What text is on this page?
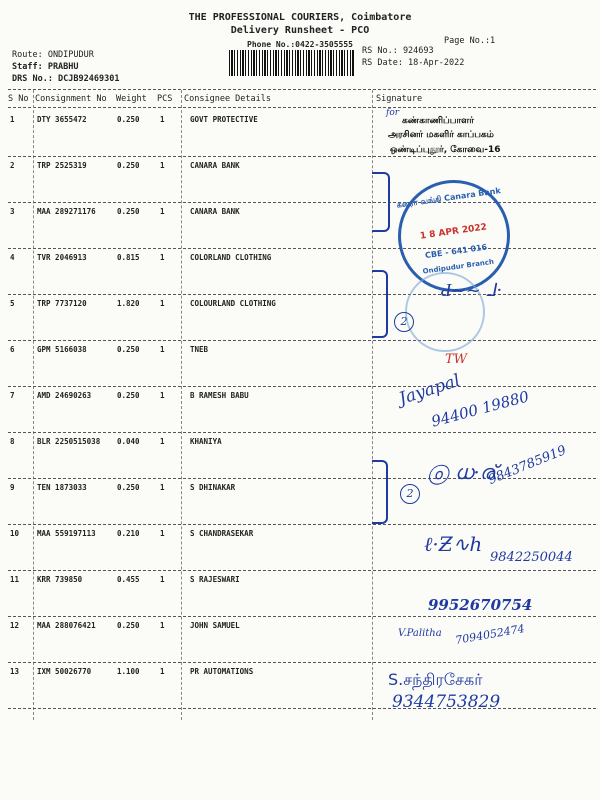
THE PROFESSIONAL COURIERS, Coimbatore
Delivery Runsheet - PCO
Phone No.:0422-3505555	Page No.:1
Route: ONDIPUDUR
Staff: PRABHU
DRS No.: DCJB92469301
RS No.: 924693
RS Date: 18-Apr-2022
S No Consignment No Weight PCS Consignee Details	Signature
1	DTY 3655472	0.250	1	GOVT PROTECTIVE
2	TRP 2525319	0.250	1	CANARA BANK
3	MAA 289271176	0.250	1	CANARA BANK
4	TVR 2046913	0.815	1	COLORLAND CLOTHING
5	TRP 7737120	1.820	1	COLOURLAND CLOTHING
6	GPM 5166038	0.250	1	TNEB
7	AMD 24690263	0.250	1	B RAMESH BABU
8	BLR 2250515038 0.040	1	KHANIYA
9	TEN 1873033	0.250	1	S DHINAKAR
10 MAA 559197113	0.210	1	S CHANDRASEKAR
11 KRR 739850	0.455	1	S RAJESWARI
12 MAA 288076421	0.250	1	JOHN SAMUEL
13 IXM 50026770	1.100	1	PR AUTOMATIONS
கனரா வங்கி Canara Bank
1 8 APR 2022
CBE - 641 016
Ondipudur Branch
for
கண்காணிப்பாளர்
அரசினர் மகளிர் காப்பகம்
ஒண்டிப்புதூர், கோவை-16
2
Ԁ~~ ⅃·
TW
Jayapal
94400 19880
2
ⓞ ധ·ര്
9843785919
ℓ·Ƶ∿h
9842250044
9952670754
V.Palitha 7094052474
S.சந்திரசேகர்
9344753829
